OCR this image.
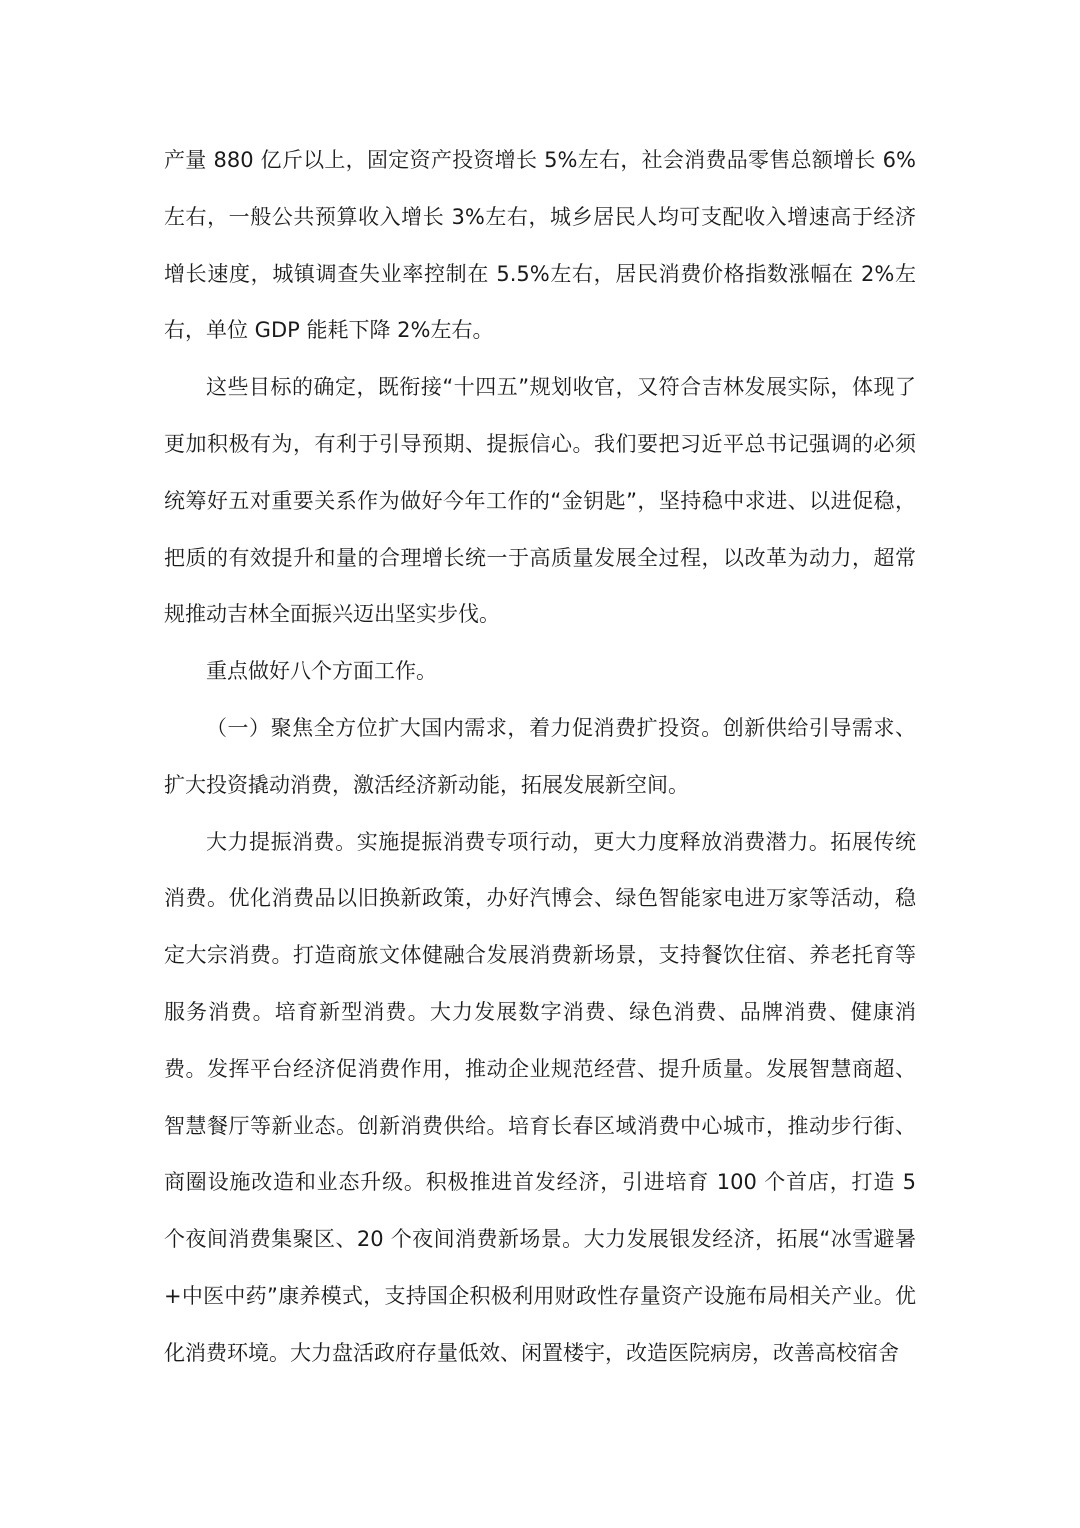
产量 880 亿斤以上，固定资产投资增长 5%左右，社会消费品零售总额增长 6%左右，一般公共预算收入增长 3%左右，城乡居民人均可支配收入增速高于经济增长速度，城镇调查失业率控制在 5.5%左右，居民消费价格指数涨幅在 2%左右，单位 GDP 能耗下降 2%左右。

这些目标的确定，既衔接“十四五”规划收官，又符合吉林发展实际，体现了更加积极有为，有利于引导预期、提振信心。我们要把习近平总书记强调的必须统筹好五对重要关系作为做好今年工作的“金钥匙”，坚持稳中求进、以进促稳，把质的有效提升和量的合理增长统一于高质量发展全过程，以改革为动力，超常规推动吉林全面振兴迈出坚实步伐。

重点做好八个方面工作。

（一）聚焦全方位扩大国内需求，着力促消费扩投资。创新供给引导需求、扩大投资撬动消费，激活经济新动能，拓展发展新空间。

大力提振消费。实施提振消费专项行动，更大力度释放消费潜力。拓展传统消费。优化消费品以旧换新政策，办好汽博会、绿色智能家电进万家等活动，稳定大宗消费。打造商旅文体健融合发展消费新场景，支持餐饮住宿、养老托育等服务消费。培育新型消费。大力发展数字消费、绿色消费、品牌消费、健康消费。发挥平台经济促消费作用，推动企业规范经营、提升质量。发展智慧商超、智慧餐厅等新业态。创新消费供给。培育长春区域消费中心城市，推动步行街、商圈设施改造和业态升级。积极推进首发经济，引进培育 100 个首店，打造 5 个夜间消费集聚区、20 个夜间消费新场景。大力发展银发经济，拓展“冰雪避暑+中医中药”康养模式，支持国企积极利用财政性存量资产设施布局相关产业。优化消费环境。大力盘活政府存量低效、闲置楼宇，改造医院病房，改善高校宿舍
